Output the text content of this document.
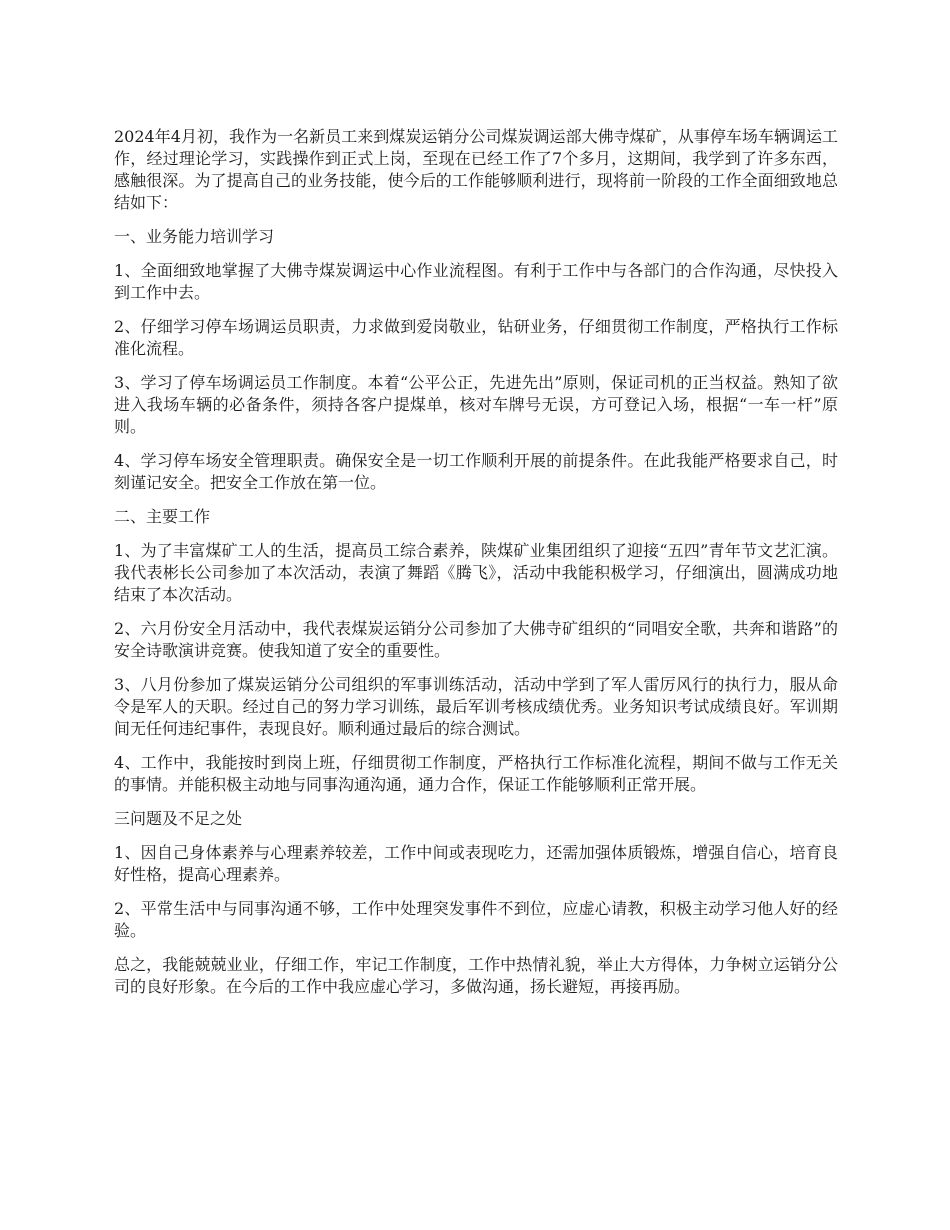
2024年4月初，我作为一名新员工来到煤炭运销分公司煤炭调运部大佛寺煤矿，从事停车场车辆调运工作，经过理论学习，实践操作到正式上岗，至现在已经工作了7个多月，这期间，我学到了许多东西，感触很深。为了提高自己的业务技能，使今后的工作能够顺利进行，现将前一阶段的工作全面细致地总结如下：

一、业务能力培训学习

1、全面细致地掌握了大佛寺煤炭调运中心作业流程图。有利于工作中与各部门的合作沟通，尽快投入到工作中去。

2、仔细学习停车场调运员职责，力求做到爱岗敬业，钻研业务，仔细贯彻工作制度，严格执行工作标准化流程。

3、学习了停车场调运员工作制度。本着“公平公正，先进先出”原则，保证司机的正当权益。熟知了欲进入我场车辆的必备条件，须持各客户提煤单，核对车牌号无误，方可登记入场，根据“一车一杆”原则。

4、学习停车场安全管理职责。确保安全是一切工作顺利开展的前提条件。在此我能严格要求自己，时刻谨记安全。把安全工作放在第一位。

二、主要工作

1、为了丰富煤矿工人的生活，提高员工综合素养，陕煤矿业集团组织了迎接“五四”青年节文艺汇演。我代表彬长公司参加了本次活动，表演了舞蹈《腾飞》，活动中我能积极学习，仔细演出，圆满成功地结束了本次活动。

2、六月份安全月活动中，我代表煤炭运销分公司参加了大佛寺矿组织的“同唱安全歌，共奔和谐路”的安全诗歌演讲竞赛。使我知道了安全的重要性。

3、八月份参加了煤炭运销分公司组织的军事训练活动，活动中学到了军人雷厉风行的执行力，服从命令是军人的天职。经过自己的努力学习训练，最后军训考核成绩优秀。业务知识考试成绩良好。军训期间无任何违纪事件，表现良好。顺利通过最后的综合测试。

4、工作中，我能按时到岗上班，仔细贯彻工作制度，严格执行工作标准化流程，期间不做与工作无关的事情。并能积极主动地与同事沟通沟通，通力合作，保证工作能够顺利正常开展。

三问题及不足之处

1、因自己身体素养与心理素养较差，工作中间或表现吃力，还需加强体质锻炼，增强自信心，培育良好性格，提高心理素养。

2、平常生活中与同事沟通不够，工作中处理突发事件不到位，应虚心请教，积极主动学习他人好的经验。

总之，我能兢兢业业，仔细工作，牢记工作制度，工作中热情礼貌，举止大方得体，力争树立运销分公司的良好形象。在今后的工作中我应虚心学习，多做沟通，扬长避短，再接再励。
